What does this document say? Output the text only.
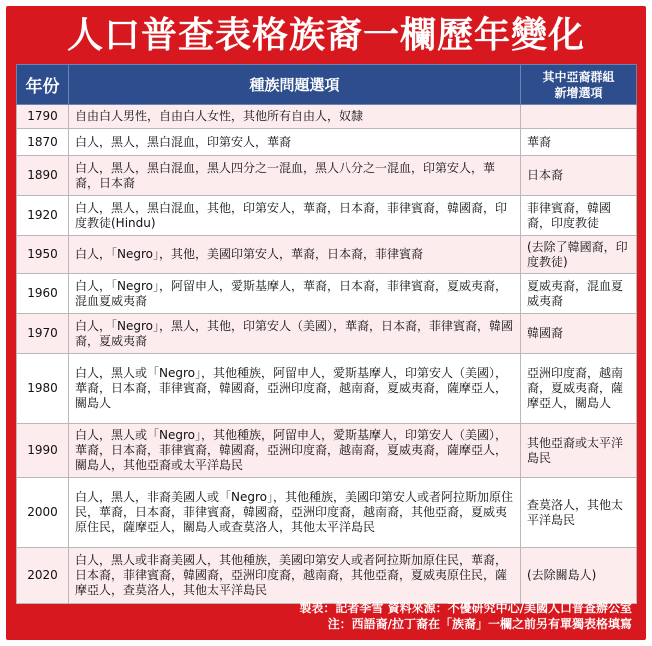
人口普查表格族裔一欄歷年變化
年份	種族問題選項	其中亞裔群組
新增選項

1790	自由白人男性，自由白人女性，其他所有自由人，奴隸	
1870	白人，黑人，黑白混血，印第安人，華裔	華裔
1890	白人，黑人，黑白混血，黑人四分之一混血，黑人八分之一混血，印第安人，華裔，日本裔	日本裔
1920	白人，黑人，黑白混血，其他，印第安人，華裔，日本裔，菲律賓裔，韓國裔，印度教徒(Hindu)	菲律賓裔，韓國裔，印度教徒
1950	白人，「Negro」，其他，美國印第安人，華裔，日本裔，菲律賓裔	(去除了韓國裔，印度教徒)
1960	白人，「Negro」，阿留申人，愛斯基摩人，華裔，日本裔，菲律賓裔，夏威夷裔，混血夏威夷裔	夏威夷裔，混血夏威夷裔
1970	白人，「Negro」，黑人，其他，印第安人（美國），華裔，日本裔，菲律賓裔，韓國裔，夏威夷裔	韓國裔
1980	白人，黑人或「Negro」，其他種族，阿留申人，愛斯基摩人，印第安人（美國），華裔，日本裔，菲律賓裔，韓國裔，亞洲印度裔，越南裔，夏威夷裔，薩摩亞人，關島人	亞洲印度裔，越南裔，夏威夷裔，薩摩亞人，關島人
1990	白人，黑人或「Negro」，其他種族，阿留申人，愛斯基摩人，印第安人（美國），華裔，日本裔，菲律賓裔，韓國裔，亞洲印度裔，越南裔，夏威夷裔，薩摩亞人，關島人，其他亞裔或太平洋島民	其他亞裔或太平洋島民
2000	白人，黑人，非裔美國人或「Negro」，其他種族，美國印第安人或者阿拉斯加原住民，華裔，日本裔，菲律賓裔，韓國裔，亞洲印度裔，越南裔，其他亞裔，夏威夷原住民，薩摩亞人，關島人或查莫洛人，其他太平洋島民	查莫洛人，其他太平洋島民
2020	白人，黑人或非裔美國人，其他種族，美國印第安人或者阿拉斯加原住民，華裔，日本裔，菲律賓裔，韓國裔，亞洲印度裔，越南裔，其他亞裔，夏威夷原住民，薩摩亞人，查莫洛人，其他太平洋島民	(去除關島人)
製表：記者李雪 資料來源：不優研究中心/美國人口普查辦公室
注：西語裔/拉丁裔在「族裔」一欄之前另有單獨表格填寫
